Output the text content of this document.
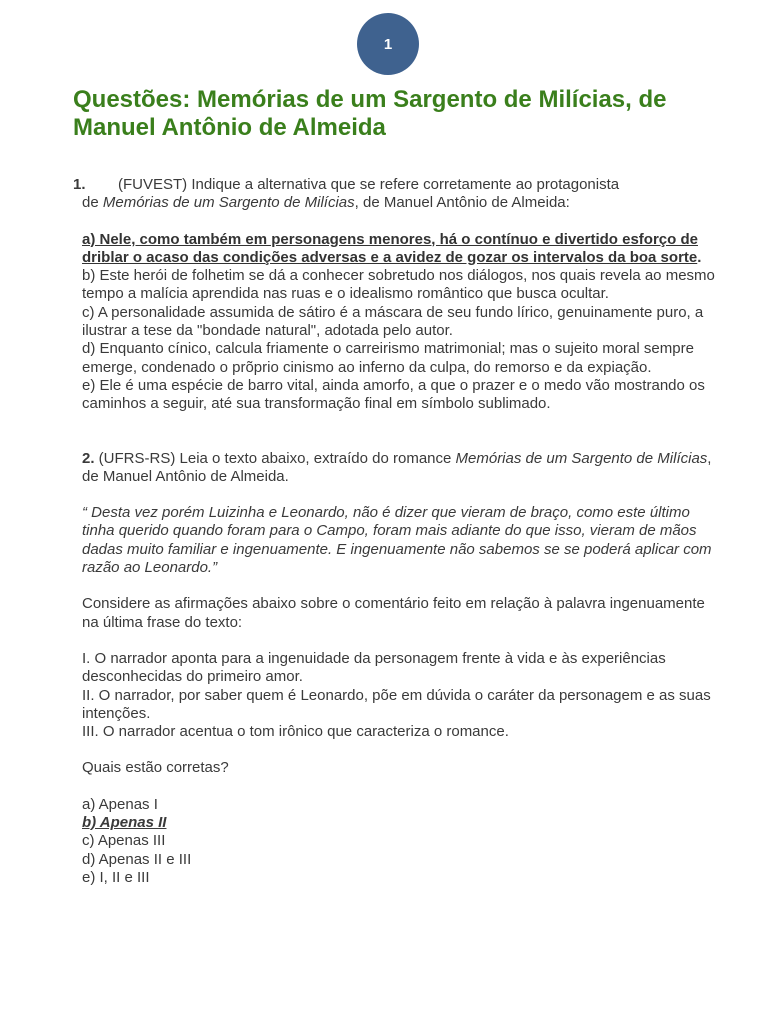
1
Questões: Memórias de um Sargento de Milícias, de Manuel Antônio de Almeida

1. (FUVEST) Indique a alternativa que se refere corretamente ao protagonista

de Memórias de um Sargento de Milícias, de Manuel Antônio de Almeida:

a) Nele, como também em personagens menores, há o contínuo e divertido esforço de driblar o acaso das condições adversas e a avidez de gozar os intervalos da boa sorte.

b) Este herói de folhetim se dá a conhecer sobretudo nos diálogos, nos quais revela ao mesmo tempo a malícia aprendida nas ruas e o idealismo romântico que busca ocultar.

c) A personalidade assumida de sátiro é a máscara de seu fundo lírico, genuinamente puro, a ilustrar a tese da "bondade natural", adotada pelo autor.

d) Enquanto cínico, calcula friamente o carreirismo matrimonial; mas o sujeito moral sempre emerge, condenado o prõprio cinismo ao inferno da culpa, do remorso e da expiação.

e) Ele é uma espécie de barro vital, ainda amorfo, a que o prazer e o medo vão mostrando os caminhos a seguir, até sua transformação final em símbolo sublimado.

2. (UFRS-RS) Leia o texto abaixo, extraído do romance Memórias de um Sargento de Milícias, de Manuel Antônio de Almeida.

“ Desta vez porém Luizinha e Leonardo, não é dizer que vieram de braço, como este último tinha querido quando foram para o Campo, foram mais adiante do que isso, vieram de mãos dadas muito familiar e ingenuamente. E ingenuamente não sabemos se se poderá aplicar com razão ao Leonardo.”

Considere as afirmações abaixo sobre o comentário feito em relação à palavra ingenuamente na última frase do texto:

I. O narrador aponta para a ingenuidade da personagem frente à vida e às experiências desconhecidas do primeiro amor.

II. O narrador, por saber quem é Leonardo, põe em dúvida o caráter da personagem e as suas intenções.

III. O narrador acentua o tom irônico que caracteriza o romance.

Quais estão corretas?

a) Apenas I

b) Apenas II

c) Apenas III

d) Apenas II e III

e) I, II e III
